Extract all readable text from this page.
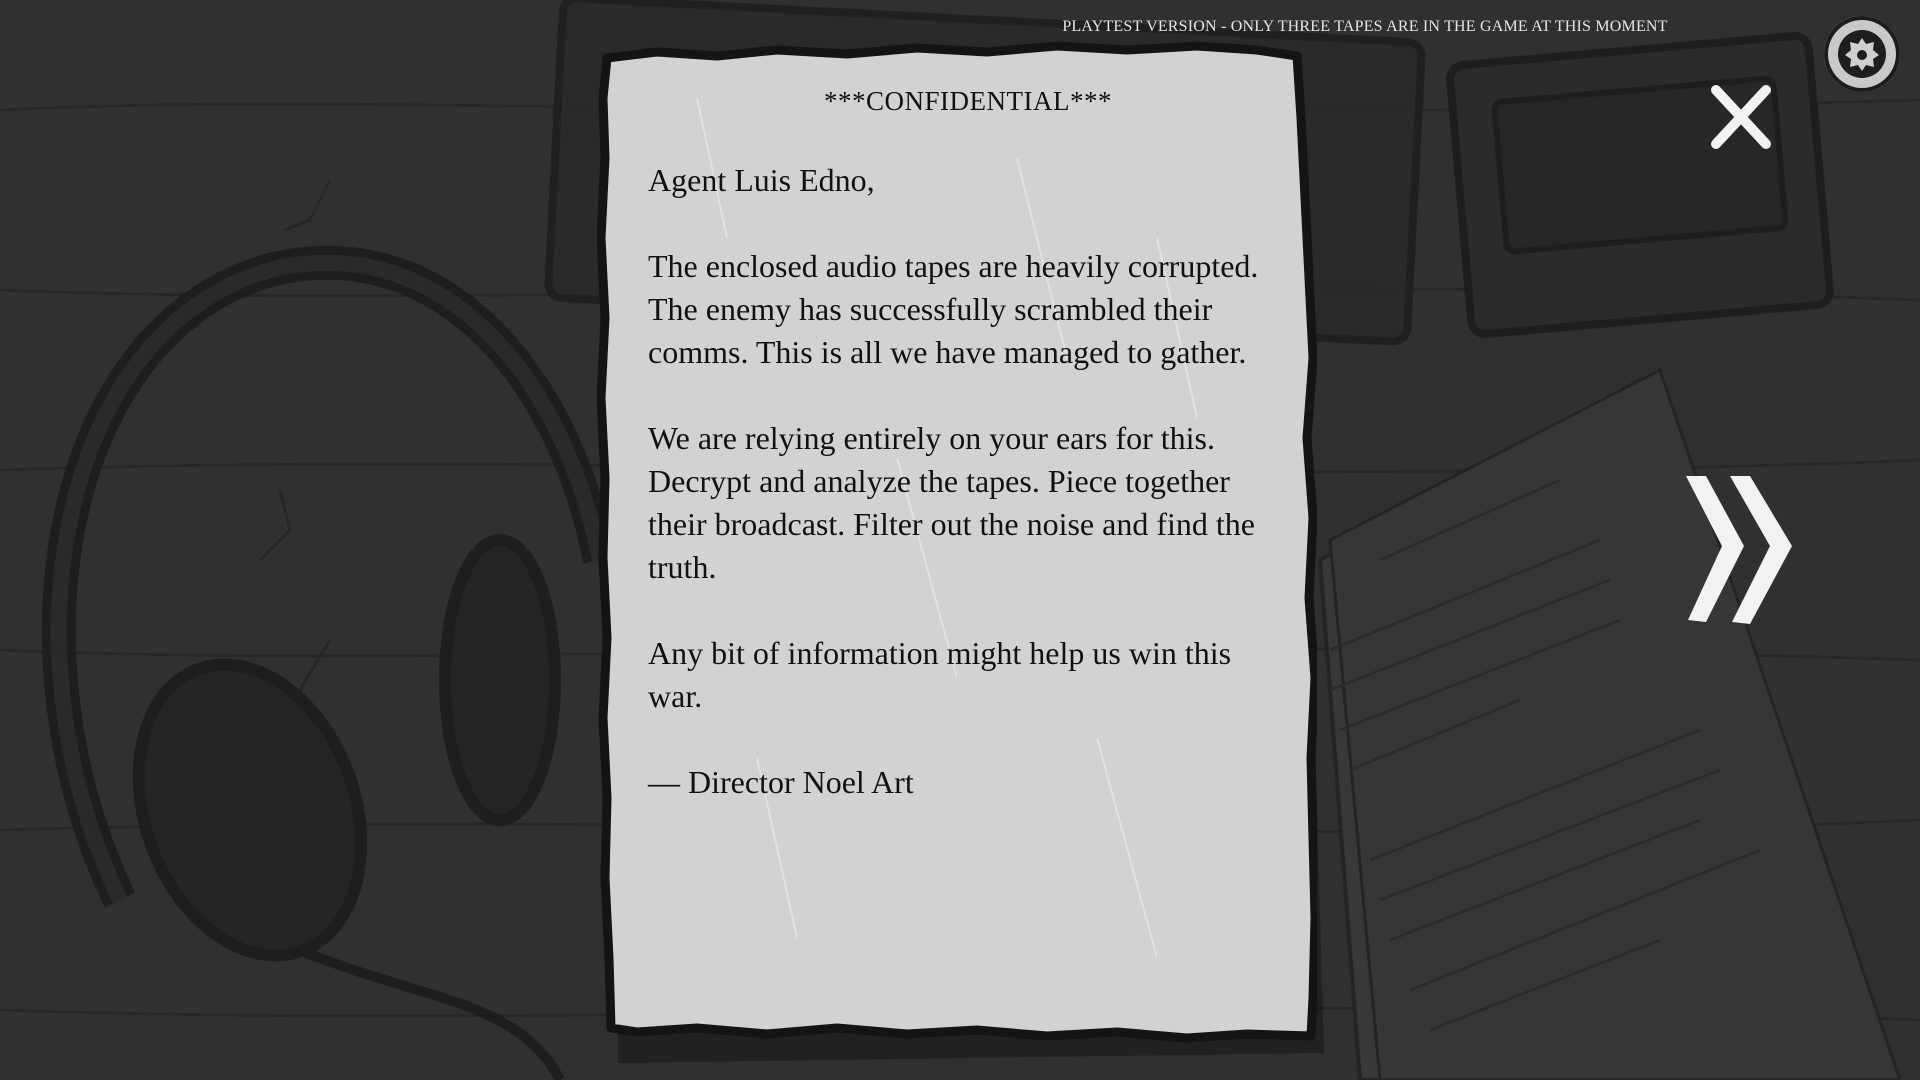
PLAYTEST VERSION - ONLY THREE TAPES ARE IN THE GAME AT THIS MOMENT
***CONFIDENTIAL***

Agent Luis Edno,

The enclosed audio tapes are heavily corrupted. The enemy has successfully scrambled their comms. This is all we have managed to gather.

We are relying entirely on your ears for this. Decrypt and analyze the tapes. Piece together their broadcast. Filter out the noise and find the truth.

Any bit of information might help us win this war.

— Director Noel Art
